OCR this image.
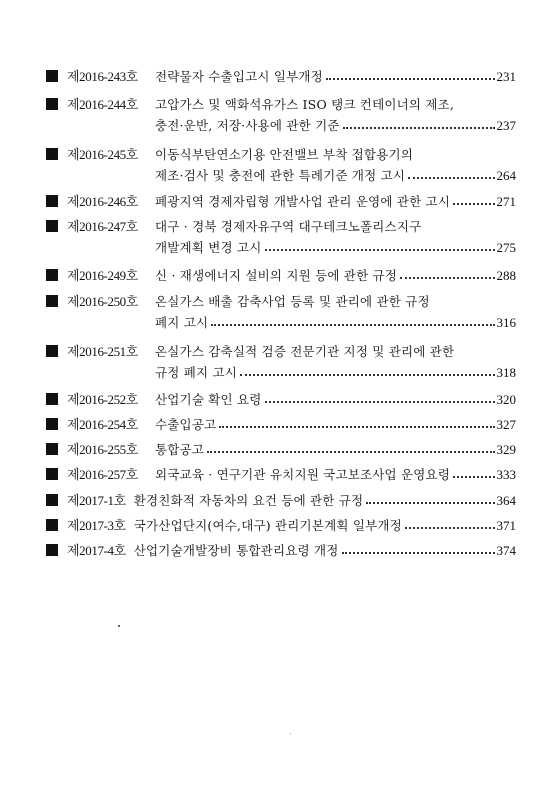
제2016-243호	전략물자 수출입고시 일부개정	231
제2016-244호	고압가스 및 액화석유가스 ISO 탱크 컨테이너의 제조,
충전·운반, 저장·사용에 관한 기준	237
제2016-245호	이동식부탄연소기용 안전밸브 부착 접합용기의
제조·검사 및 충전에 관한 특례기준 개정 고시	264
제2016-246호	폐광지역 경제자립형 개발사업 관리 운영에 관한 고시	271
제2016-247호	대구 · 경북 경제자유구역 대구테크노폴리스지구
개발계획 변경 고시	275
제2016-249호	신 · 재생에너지 설비의 지원 등에 관한 규정	288
제2016-250호	온실가스 배출 감축사업 등록 및 관리에 관한 규정
폐지 고시	316
제2016-251호	온실가스 감축실적 검증 전문기관 지정 및 관리에 관한
규정 폐지 고시	318
제2016-252호	산업기술 확인 요령	320
제2016-254호	수출입공고	327
제2016-255호	통합공고	329
제2016-257호	외국교육 · 연구기관 유치지원 국고보조사업 운영요령	333
제2017-1호 환경친화적 자동차의 요건 등에 관한 규정	364
제2017-3호 국가산업단지(여수,대구) 관리기본계획 일부개정	371
제2017-4호 산업기술개발장비 통합관리요령 개정	374
